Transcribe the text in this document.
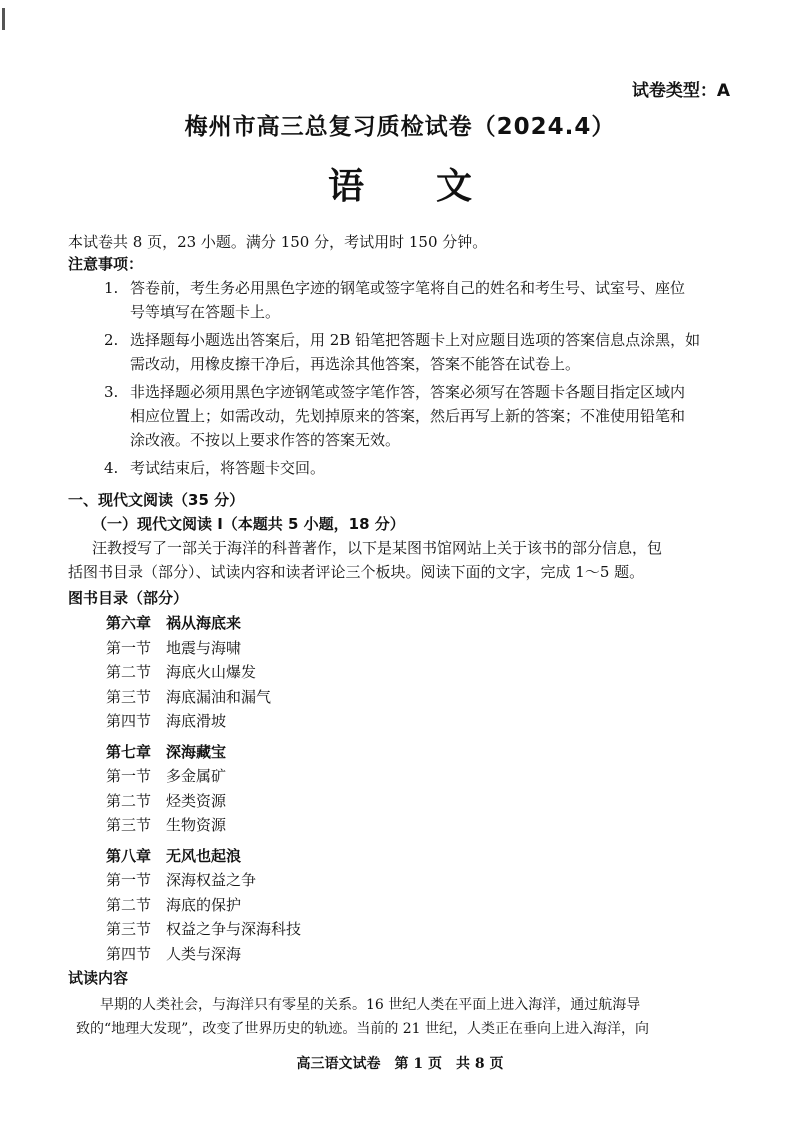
试卷类型：A
梅州市高三总复习质检试卷（2024.4）
语　　文
本试卷共 8 页，23 小题。满分 150 分，考试用时 150 分钟。
注意事项：
1. 答卷前，考生务必用黑色字迹的钢笔或签字笔将自己的姓名和考生号、试室号、座位
号等填写在答题卡上。
2. 选择题每小题选出答案后，用 2B 铅笔把答题卡上对应题目选项的答案信息点涂黑，如
需改动，用橡皮擦干净后，再选涂其他答案，答案不能答在试卷上。
3. 非选择题必须用黑色字迹钢笔或签字笔作答，答案必须写在答题卡各题目指定区域内
相应位置上；如需改动，先划掉原来的答案，然后再写上新的答案；不准使用铅笔和
涂改液。不按以上要求作答的答案无效。
4. 考试结束后，将答题卡交回。
一、现代文阅读（35 分）
（一）现代文阅读 I（本题共 5 小题，18 分）
汪教授写了一部关于海洋的科普著作，以下是某图书馆网站上关于该书的部分信息，包
括图书目录（部分）、试读内容和读者评论三个板块。阅读下面的文字，完成 1～5 题。
图书目录（部分）
第六章　祸从海底来
第一节　地震与海啸
第二节　海底火山爆发
第三节　海底漏油和漏气
第四节　海底滑坡
第七章　深海藏宝
第一节　多金属矿
第二节　烃类资源
第三节　生物资源
第八章　无风也起浪
第一节　深海权益之争
第二节　海底的保护
第三节　权益之争与深海科技
第四节　人类与深海
试读内容
早期的人类社会，与海洋只有零星的关系。16 世纪人类在平面上进入海洋，通过航海导
致的“地理大发现”，改变了世界历史的轨迹。当前的 21 世纪，人类正在垂向上进入海洋，向
高三语文试卷　第 1 页　共 8 页
